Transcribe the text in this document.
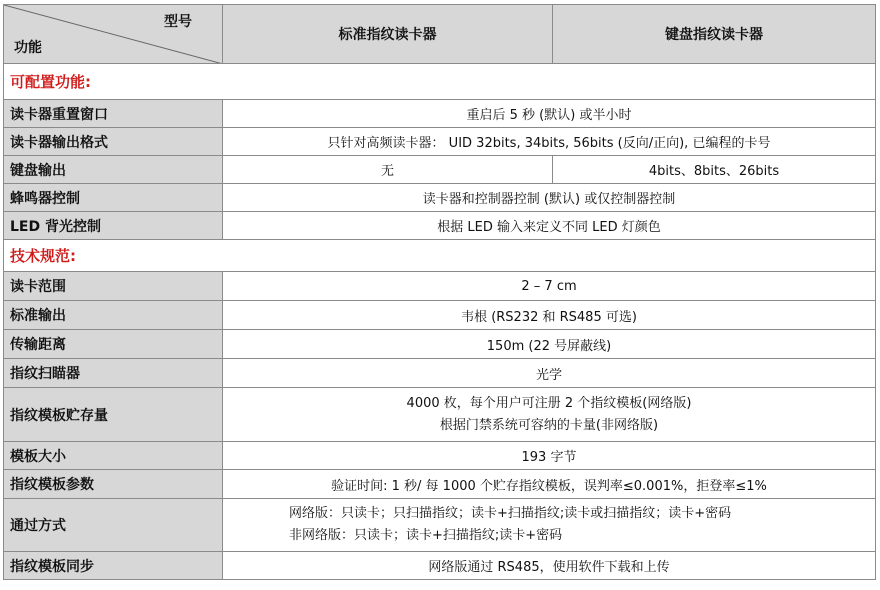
型号
功能	标准指纹读卡器	键盘指纹读卡器
可配置功能:		
读卡器重置窗口	重启后 5 秒 (默认) 或半小时	
读卡器输出格式	只针对高频读卡器： UID 32bits, 34bits, 56bits (反向/正向), 已编程的卡号	
键盘输出	无	4bits、8bits、26bits
蜂鸣器控制	读卡器和控制器控制 (默认) 或仅控制器控制	
LED 背光控制	根据 LED 输入来定义不同 LED 灯颜色	
技术规范:		
读卡范围	2 – 7 cm	
标准输出	韦根 (RS232 和 RS485 可选)	
传输距离	150m (22 号屏蔽线)	
指纹扫瞄器	光学	
指纹模板贮存量	4000 枚，每个用户可注册 2 个指纹模板(网络版)
根据门禁系统可容纳的卡量(非网络版)	

模板大小	193 字节	
指纹模板参数	验证时间: 1 秒/ 每 1000 个贮存指纹模板，误判率≤0.001%，拒登率≤1%	
通过方式	网络版：只读卡；只扫描指纹；读卡+扫描指纹;读卡或扫描指纹；读卡+密码
非网络版：只读卡；读卡+扫描指纹;读卡+密码	

指纹模板同步	网络版通过 RS485，使用软件下载和上传	
